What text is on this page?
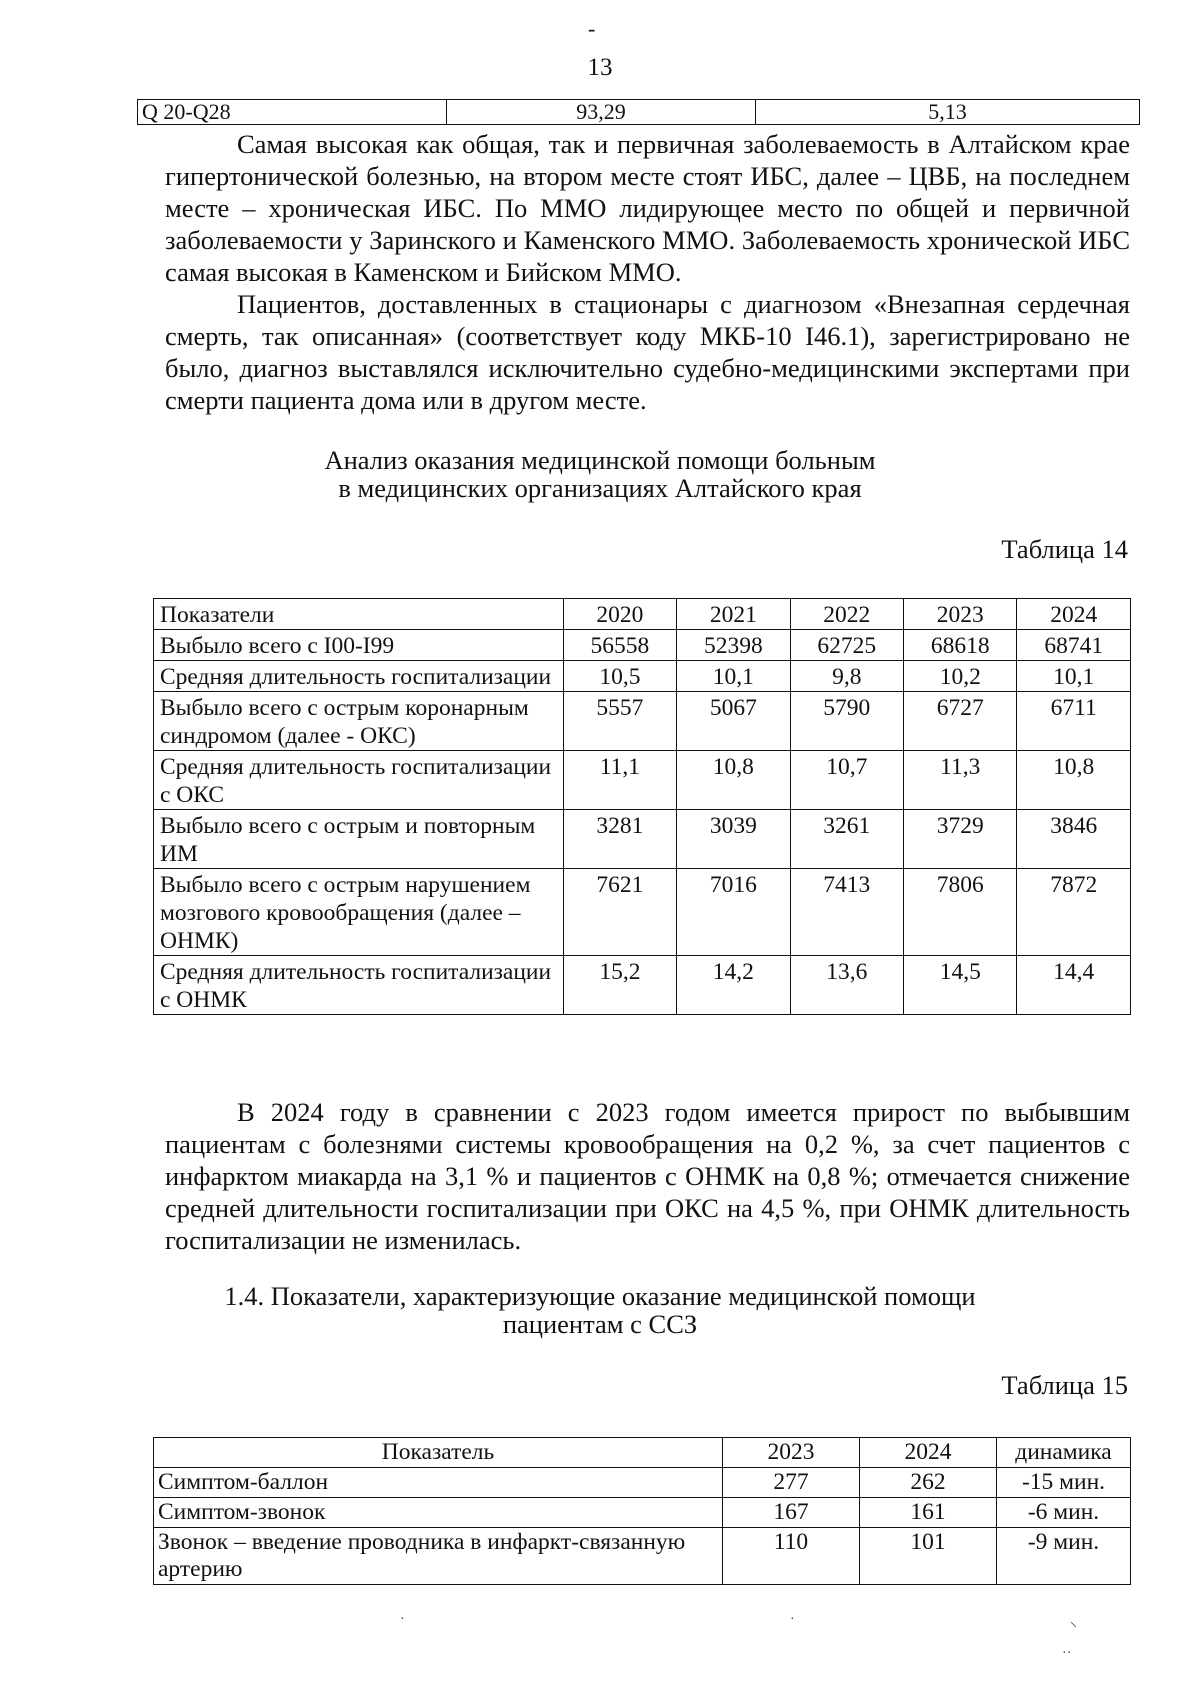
-
13
Q 20-Q28	93,29	5,13

Самая высокая как общая, так и первичная заболеваемость в Алтайском крае гипертонической болезнью, на втором месте стоят ИБС, далее – ЦВБ, на последнем месте – хроническая ИБС. По ММО лидирующее место по общей и первичной заболеваемости у Заринского и Каменского ММО. Заболеваемость хронической ИБС самая высокая в Каменском и Бийском ММО.

Пациентов, доставленных в стационары с диагнозом «Внезапная сердечная смерть, так описанная» (соответствует коду МКБ-10 I46.1), зарегистрировано не было, диагноз выставлялся исключительно судебно-медицинскими экспертами при смерти пациента дома или в другом месте.

Анализ оказания медицинской помощи больным
в медицинских организациях Алтайского края
Таблица 14
Показатели	2020	2021	2022	2023	2024
Выбыло всего с I00-I99	56558	52398	62725	68618	68741
Средняя длительность госпитализации	10,5	10,1	9,8	10,2	10,1
Выбыло всего с острым коронарным синдромом (далее - ОКС)	5557	5067	5790	6727	6711
Средняя длительность госпитализации с ОКС	11,1	10,8	10,7	11,3	10,8
Выбыло всего с острым и повторным ИМ	3281	3039	3261	3729	3846
Выбыло всего с острым нарушением мозгового кровообращения (далее – ОНМК)	7621	7016	7413	7806	7872
Средняя длительность госпитализации с ОНМК	15,2	14,2	13,6	14,5	14,4

В 2024 году в сравнении с 2023 годом имеется прирост по выбывшим пациентам с болезнями системы кровообращения на 0,2 %, за счет пациентов с инфарктом миакарда на 3,1 % и пациентов с ОНМК на 0,8 %; отмечается снижение средней длительности госпитализации при ОКС на 4,5 %, при ОНМК длительность госпитализации не изменилась.

1.4. Показатели, характеризующие оказание медицинской помощи
пациентам с ССЗ
Таблица 15
Показатель	2023	2024	динамика
Симптом-баллон	277	262	-15 мин.
Симптом-звонок	167	161	-6 мин.
Звонок – введение проводника в инфаркт-связанную артерию	110	101	-9 мин.
·	·
⸌
··
